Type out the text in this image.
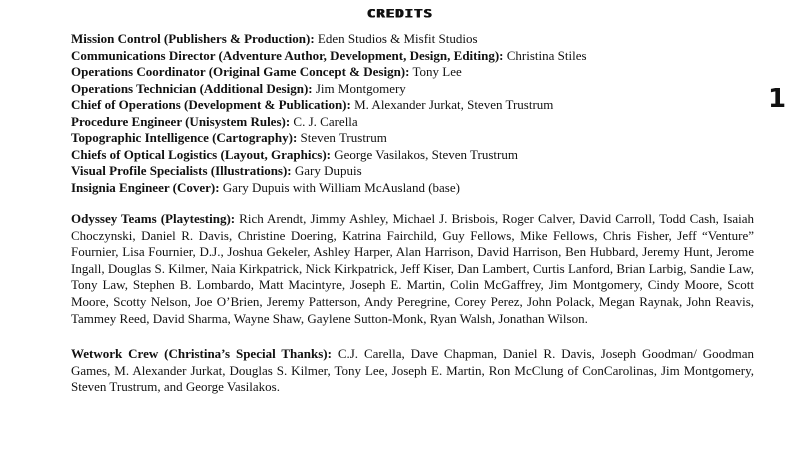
CREDITS
1
Mission Control (Publishers & Production): Eden Studios & Misfit Studios
Communications Director (Adventure Author, Development, Design, Editing): Christina Stiles
Operations Coordinator (Original Game Concept & Design): Tony Lee
Operations Technician (Additional Design): Jim Montgomery
Chief of Operations (Development & Publication): M. Alexander Jurkat, Steven Trustrum
Procedure Engineer (Unisystem Rules): C. J. Carella
Topographic Intelligence (Cartography): Steven Trustrum
Chiefs of Optical Logistics (Layout, Graphics): George Vasilakos, Steven Trustrum
Visual Profile Specialists (Illustrations): Gary Dupuis
Insignia Engineer (Cover): Gary Dupuis with William McAusland (base)
Odyssey Teams (Playtesting): Rich Arendt, Jimmy Ashley, Michael J. Brisbois, Roger Calver, David Carroll, Todd Cash, Isaiah Choczynski, Daniel R. Davis, Christine Doering, Katrina Fairchild, Guy Fellows, Mike Fellows, Chris Fisher, Jeff “Venture” Fournier, Lisa Fournier, D.J., Joshua Gekeler, Ashley Harper, Alan Harrison, David Harrison, Ben Hubbard, Jeremy Hunt, Jerome Ingall, Douglas S. Kilmer, Naia Kirkpatrick, Nick Kirkpatrick, Jeff Kiser, Dan Lambert, Curtis Lanford, Brian Larbig, Sandie Law, Tony Law, Stephen B. Lombardo, Matt Macintyre, Joseph E. Martin, Colin McGaffrey, Jim Montgomery, Cindy Moore, Scott Moore, Scotty Nelson, Joe O’Brien, Jeremy Patterson, Andy Peregrine, Corey Perez, John Polack, Megan Raynak, John Reavis, Tammey Reed, David Sharma, Wayne Shaw, Gaylene Sutton-Monk, Ryan Walsh, Jonathan Wilson.
Wetwork Crew (Christina’s Special Thanks): C.J. Carella, Dave Chapman, Daniel R. Davis, Joseph Goodman/ Goodman Games, M. Alexander Jurkat, Douglas S. Kilmer, Tony Lee, Joseph E. Martin, Ron McClung of ConCarolinas, Jim Montgomery, Steven Trustrum, and George Vasilakos.
